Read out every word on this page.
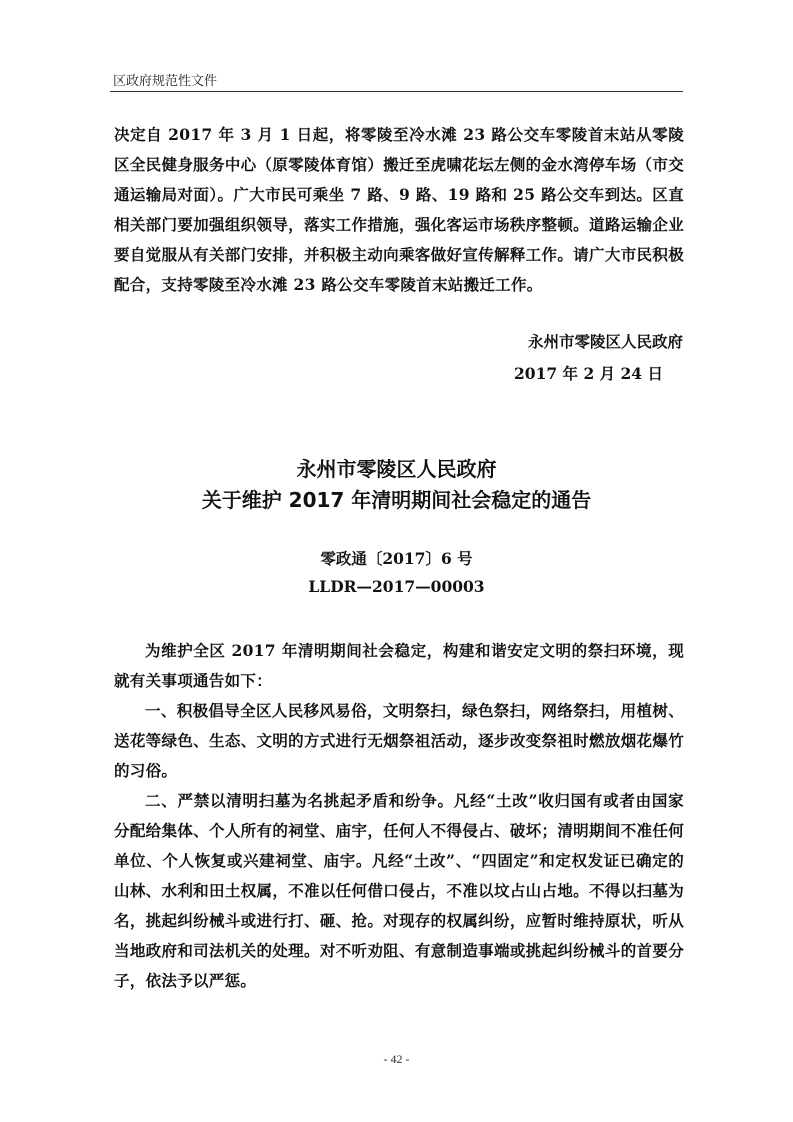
区政府规范性文件

决定自 2017 年 3 月 1 日起，将零陵至冷水滩 23 路公交车零陵首末站从零陵区全民健身服务中心（原零陵体育馆）搬迁至虎啸花坛左侧的金水湾停车场（市交通运输局对面）。广大市民可乘坐 7 路、9 路、19 路和 25 路公交车到达。区直相关部门要加强组织领导，落实工作措施，强化客运市场秩序整顿。道路运输企业要自觉服从有关部门安排，并积极主动向乘客做好宣传解释工作。请广大市民积极配合，支持零陵至冷水滩 23 路公交车零陵首末站搬迁工作。

永州市零陵区人民政府
2017 年 2 月 24 日
永州市零陵区人民政府
关于维护 2017 年清明期间社会稳定的通告
零政通〔2017〕6 号
LLDR—2017—00003

为维护全区 2017 年清明期间社会稳定，构建和谐安定文明的祭扫环境，现就有关事项通告如下：

一、积极倡导全区人民移风易俗，文明祭扫，绿色祭扫，网络祭扫，用植树、送花等绿色、生态、文明的方式进行无烟祭祖活动，逐步改变祭祖时燃放烟花爆竹的习俗。

二、严禁以清明扫墓为名挑起矛盾和纷争。凡经“土改”收归国有或者由国家分配给集体、个人所有的祠堂、庙宇，任何人不得侵占、破坏；清明期间不准任何单位、个人恢复或兴建祠堂、庙宇。凡经“土改”、“四固定”和定权发证已确定的山林、水利和田土权属，不准以任何借口侵占，不准以坟占山占地。不得以扫墓为名，挑起纠纷械斗或进行打、砸、抢。对现存的权属纠纷，应暂时维持原状，听从当地政府和司法机关的处理。对不听劝阻、有意制造事端或挑起纠纷械斗的首要分子，依法予以严惩。

- 42 -
